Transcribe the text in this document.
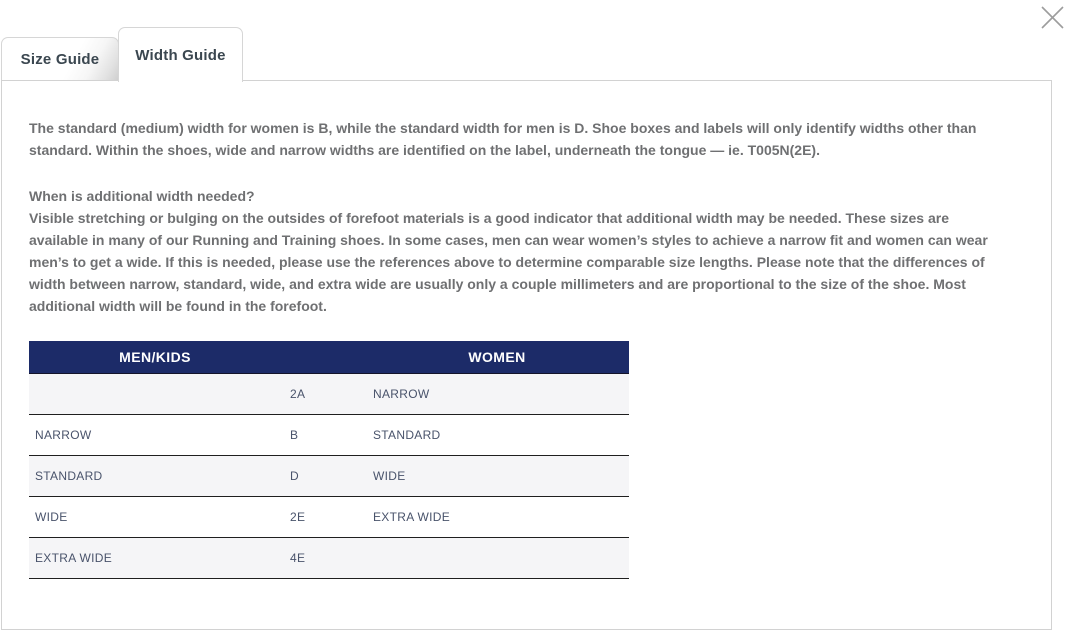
Size Guide Width Guide

The standard (medium) width for women is B, while the standard width for men is D. Shoe boxes and labels will only identify widths other than standard. Within the shoes, wide and narrow widths are identified on the label, underneath the tongue — ie. T005N(2E).

When is additional width needed?
Visible stretching or bulging on the outsides of forefoot materials is a good indicator that additional width may be needed. These sizes are available in many of our Running and Training shoes. In some cases, men can wear women’s styles to achieve a narrow fit and women can wear men’s to get a wide. If this is needed, please use the references above to determine comparable size lengths. Please note that the differences of width between narrow, standard, wide, and extra wide are usually only a couple millimeters and are proportional to the size of the shoe. Most additional width will be found in the forefoot.
MEN/KIDS		WOMEN
	2A	NARROW
NARROW	B	STANDARD
STANDARD	D	WIDE
WIDE	2E	EXTRA WIDE
EXTRA WIDE	4E	
